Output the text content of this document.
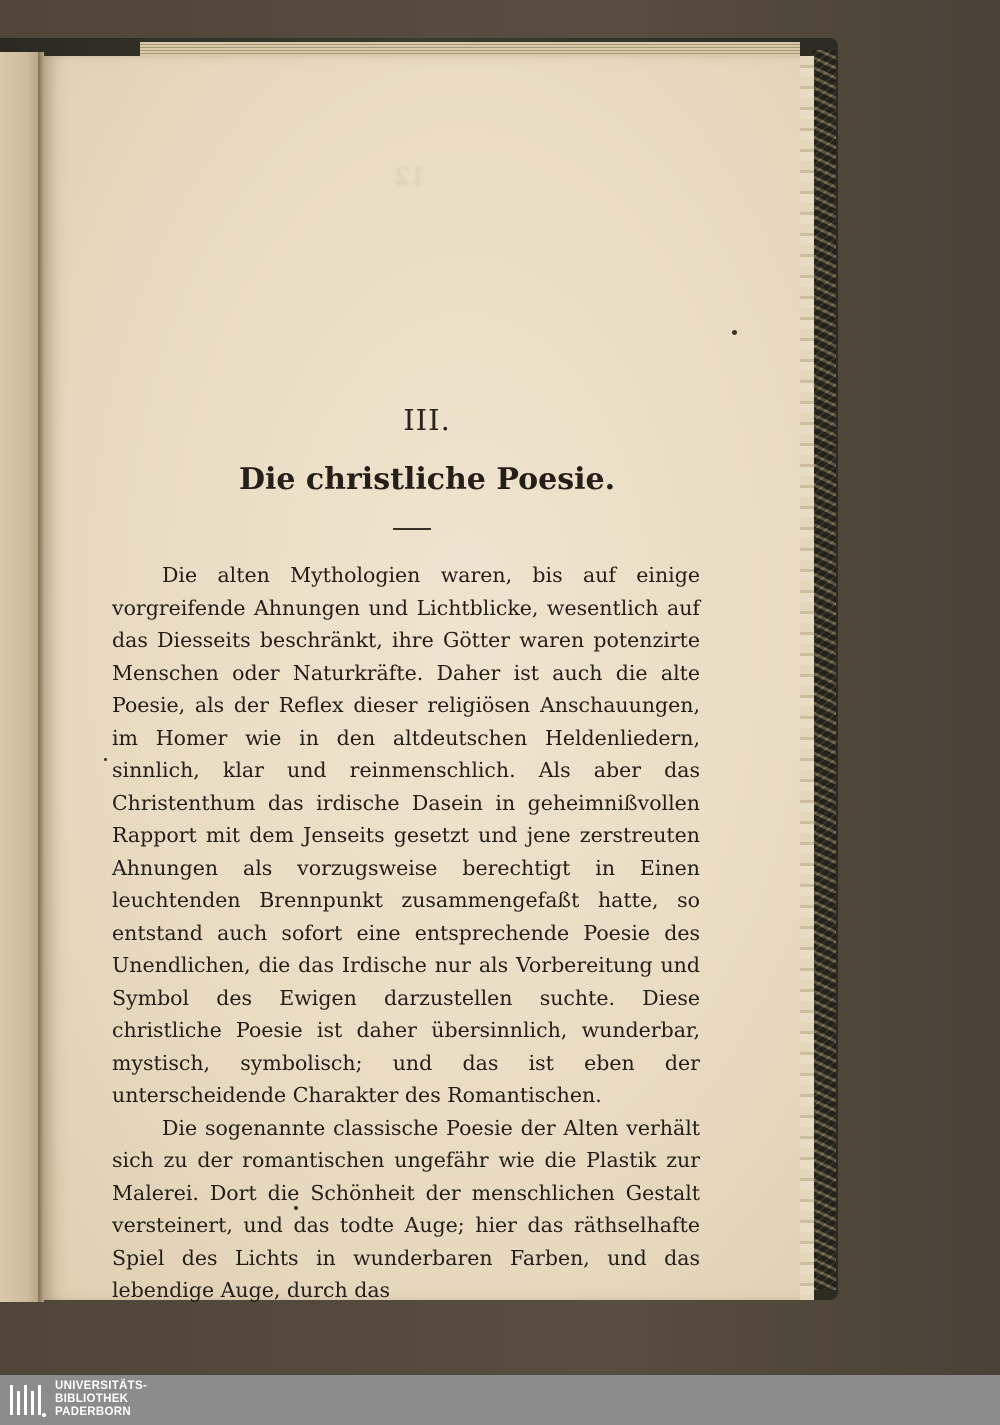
12
III.
Die christliche Poesie.

Die alten Mythologien waren, bis auf einige vorgreifende Ahnungen und Lichtblicke, wesentlich auf das Diesseits beschränkt, ihre Götter waren potenzirte Menschen oder Naturkräfte. Daher ist auch die alte Poesie, als der Reflex dieser religiösen Anschauungen, im Homer wie in den altdeutschen Heldenliedern, sinnlich, klar und reinmenschlich. Als aber das Christenthum das irdische Dasein in geheimnißvollen Rapport mit dem Jenseits gesetzt und jene zerstreuten Ahnungen als vorzugsweise berechtigt in Einen leuchtenden Brennpunkt zusammengefaßt hatte, so entstand auch sofort eine entsprechende Poesie des Unendlichen, die das Irdische nur als Vorbereitung und Symbol des Ewigen darzustellen suchte. Diese christliche Poesie ist daher übersinnlich, wunderbar, mystisch, symbolisch; und das ist eben der unterscheidende Charakter des Romantischen.

Die sogenannte classische Poesie der Alten verhält sich zu der romantischen ungefähr wie die Plastik zur Malerei. Dort die Schönheit der menschlichen Gestalt versteinert, und das todte Auge; hier das räthselhafte Spiel des Lichts in wunderbaren Farben, und das lebendige Auge, durch das

UNIVERSITÄTS-
BIBLIOTHEK
PADERBORN
